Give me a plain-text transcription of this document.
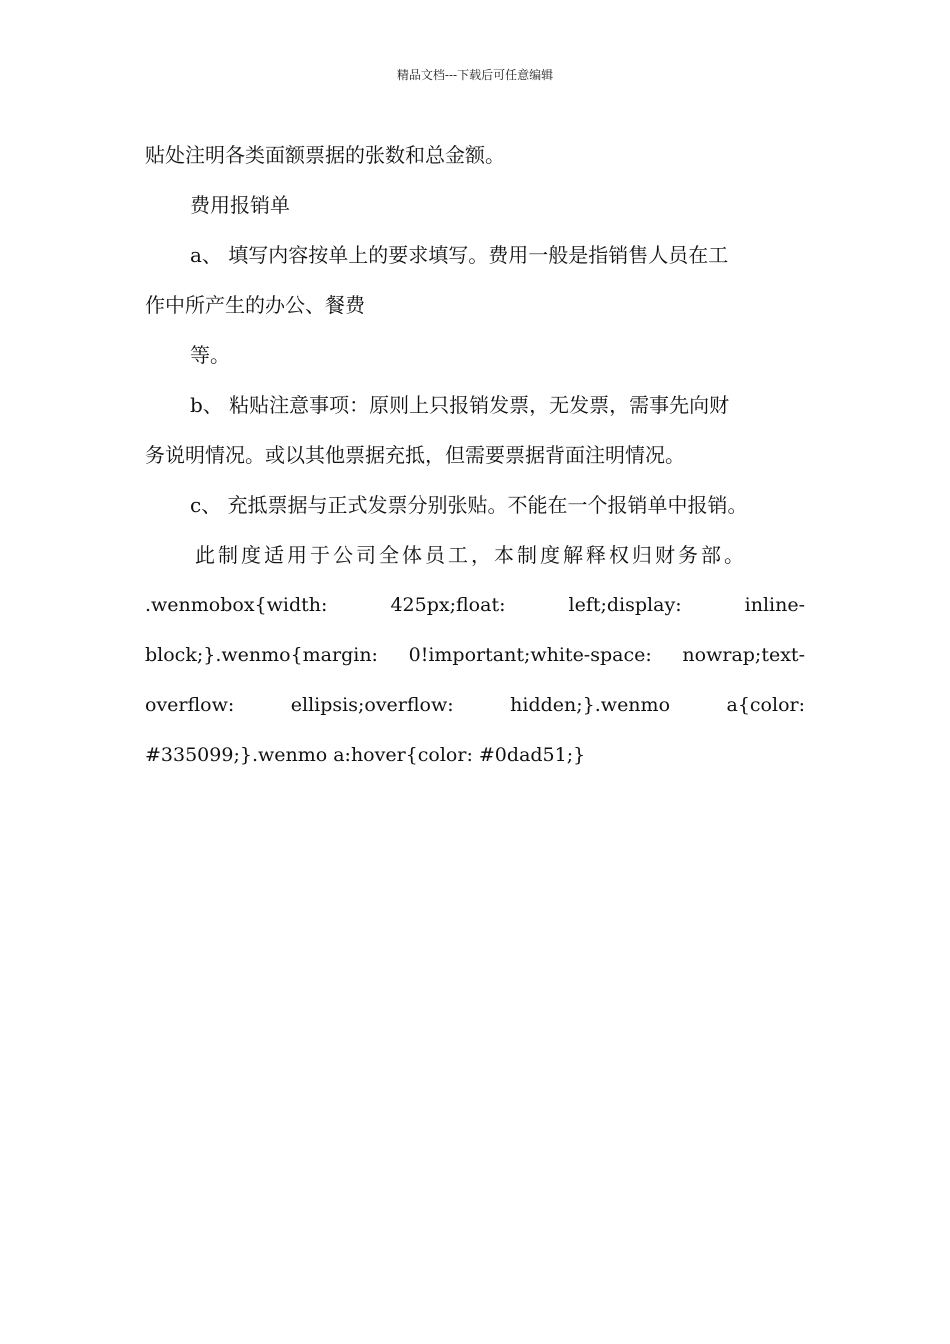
精品文档---下载后可任意编辑

贴处注明各类面额票据的张数和总金额。

费用报销单

a、 填写内容按单上的要求填写。费用一般是指销售人员在工

作中所产生的办公、餐费

等。

b、 粘贴注意事项：原则上只报销发票，无发票，需事先向财

务说明情况。或以其他票据充抵，但需要票据背面注明情况。

c、 充抵票据与正式发票分别张贴。不能在一个报销单中报销。

此制度适用于公司全体员工，本制度解释权归财务部。

.wenmobox{width: 425px;float: left;display: inline-

block;}.wenmo{margin: 0!important;white-space: nowrap;text-

overflow: ellipsis;overflow: hidden;}.wenmo a{color:

#335099;}.wenmo a:hover{color: #0dad51;}
